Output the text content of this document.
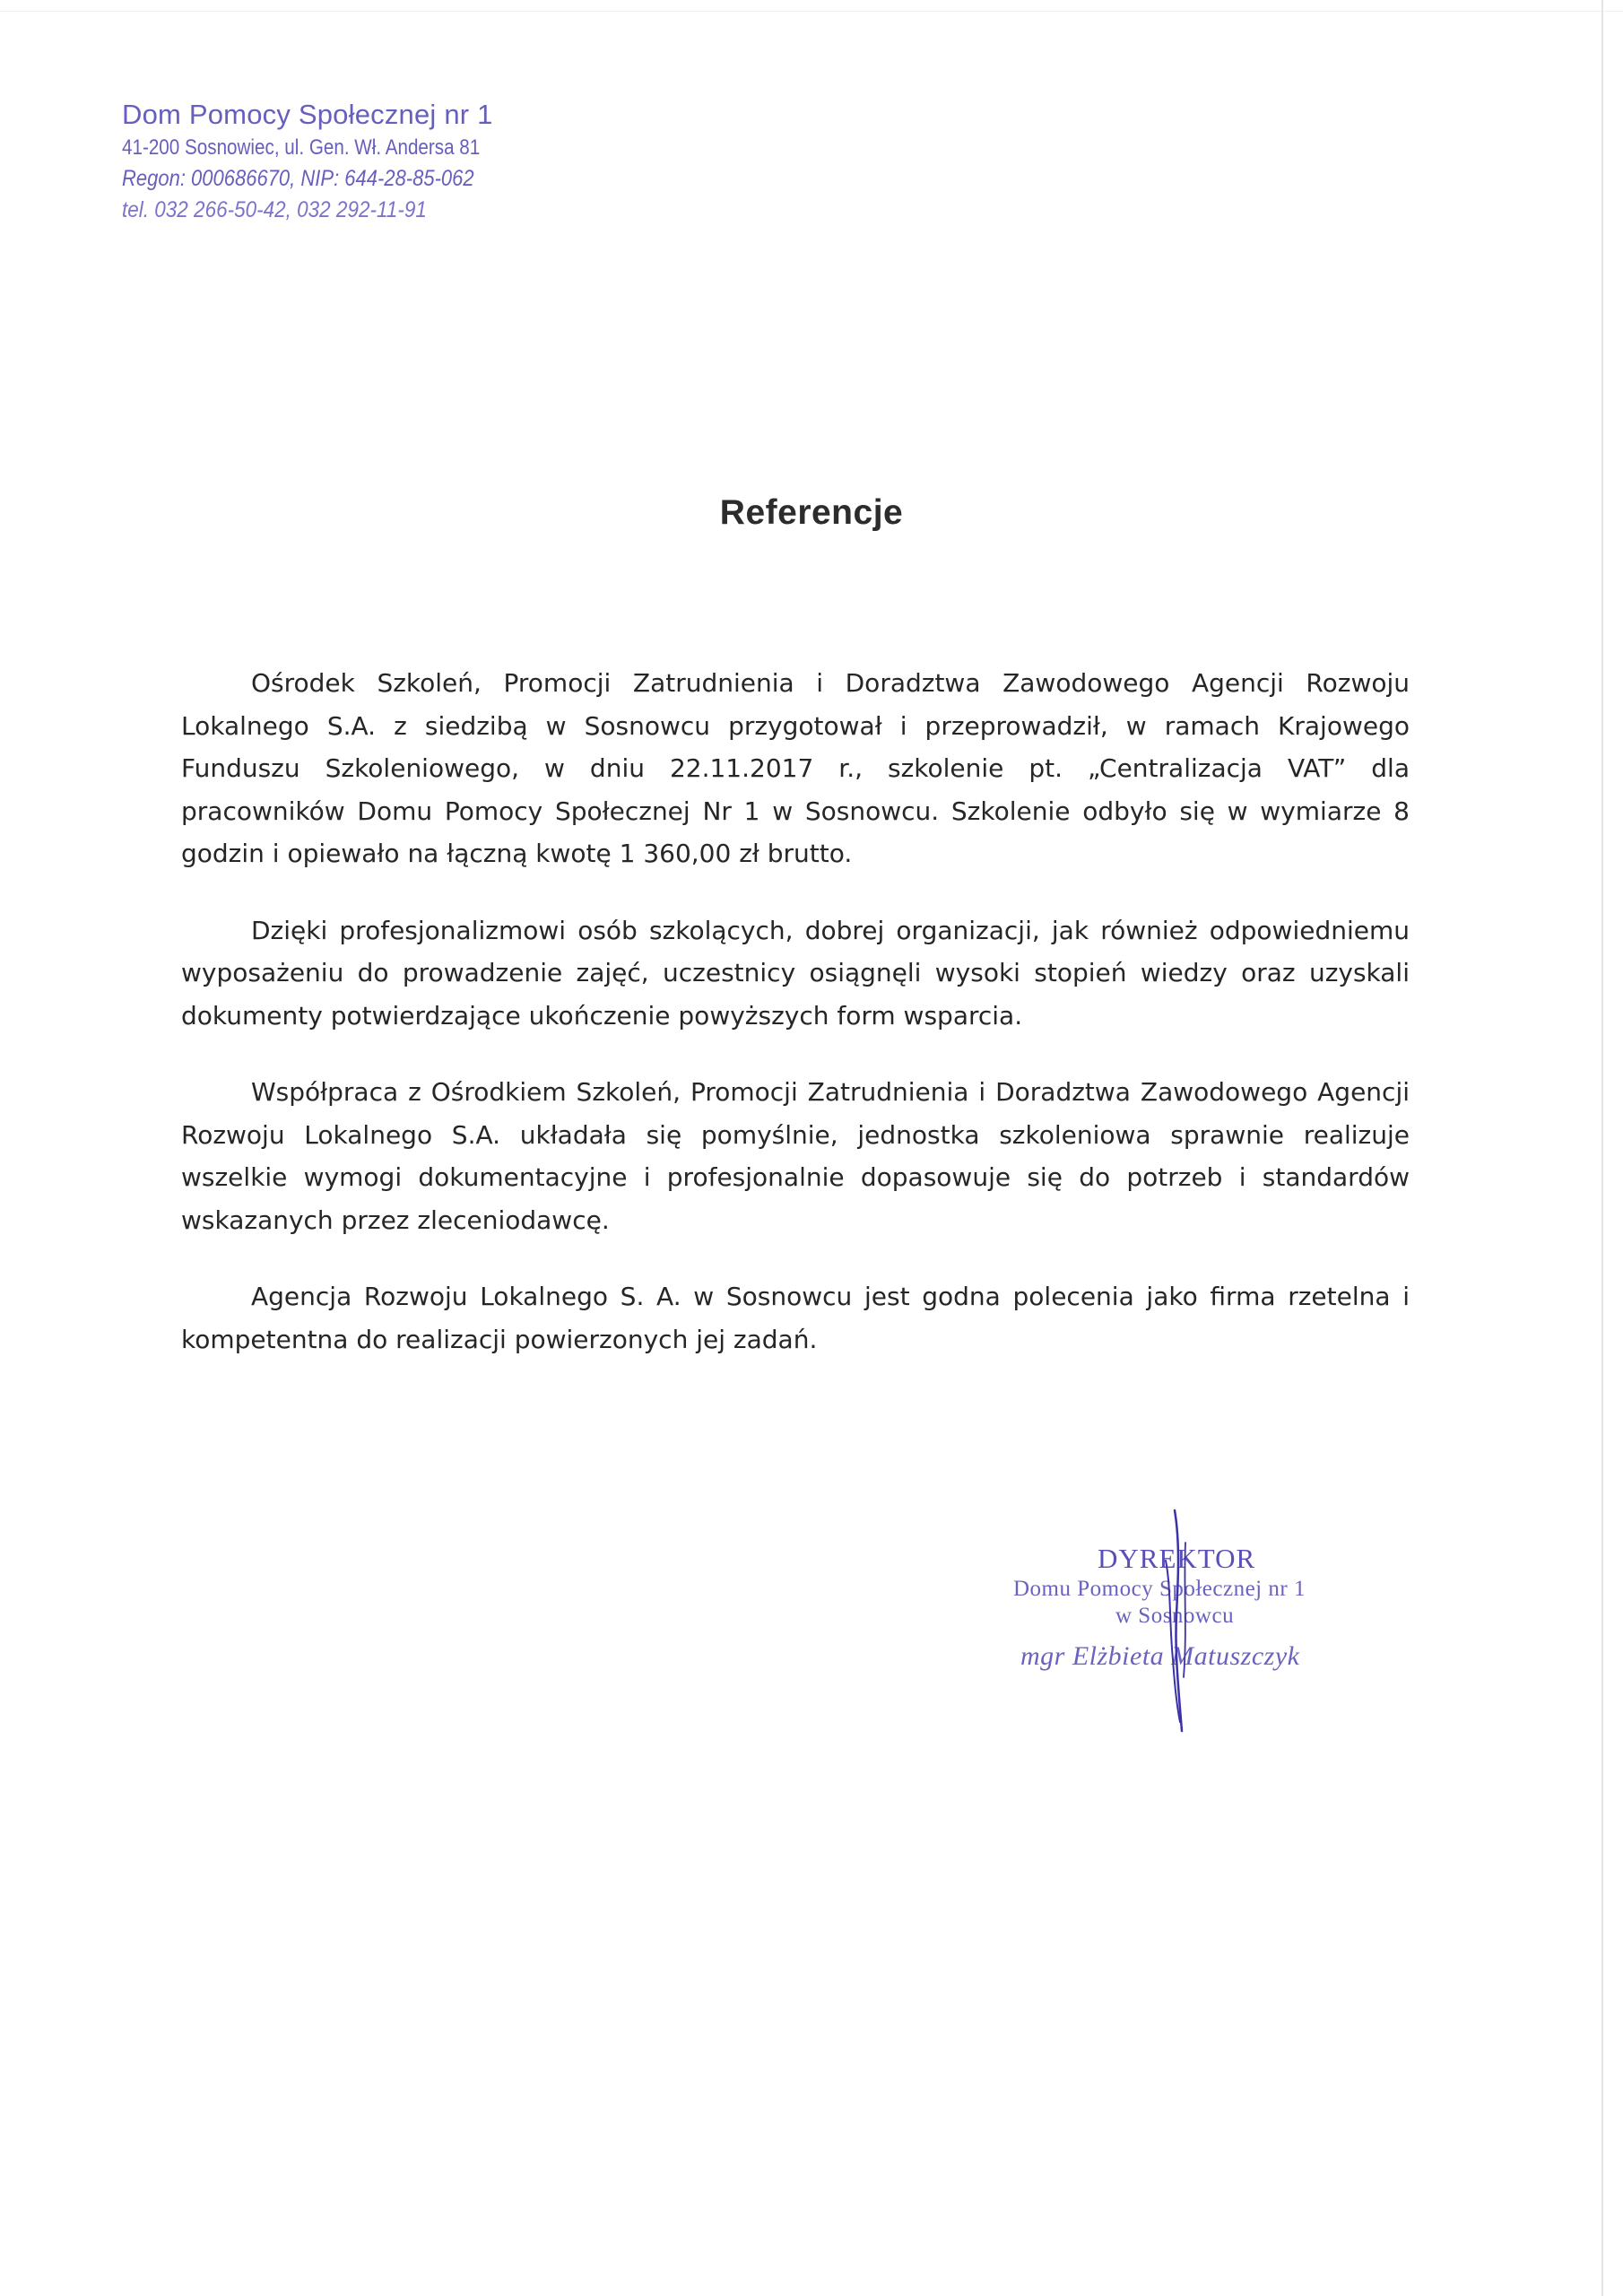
Dom Pomocy Społecznej nr 1
41-200 Sosnowiec, ul. Gen. Wł. Andersa 81
Regon: 000686670, NIP: 644-28-85-062
tel. 032 266-50-42, 032 292-11-91
Referencje

Ośrodek Szkoleń, Promocji Zatrudnienia i Doradztwa Zawodowego Agencji Rozwoju Lokalnego S.A. z siedzibą w Sosnowcu przygotował i przeprowadził, w ramach Krajowego Funduszu Szkoleniowego, w dniu 22.11.2017 r., szkolenie pt. „Centralizacja VAT” dla pracowników Domu Pomocy Społecznej Nr 1 w Sosnowcu. Szkolenie odbyło się w wymiarze 8 godzin i opiewało na łączną kwotę 1 360,00 zł brutto.

Dzięki profesjonalizmowi osób szkolących, dobrej organizacji, jak również odpowiedniemu wyposażeniu do prowadzenie zajęć, uczestnicy osiągnęli wysoki stopień wiedzy oraz uzyskali dokumenty potwierdzające ukończenie powyższych form wsparcia.

Współpraca z Ośrodkiem Szkoleń, Promocji Zatrudnienia i Doradztwa Zawodowego Agencji Rozwoju Lokalnego S.A. układała się pomyślnie, jednostka szkoleniowa sprawnie realizuje wszelkie wymogi dokumentacyjne i profesjonalnie dopasowuje się do potrzeb i standardów wskazanych przez zleceniodawcę.

Agencja Rozwoju Lokalnego S. A. w Sosnowcu jest godna polecenia jako firma rzetelna i kompetentna do realizacji powierzonych jej zadań.

DYREKTOR
Domu Pomocy Społecznej nr 1
w Sosnowcu
mgr Elżbieta Matuszczyk
